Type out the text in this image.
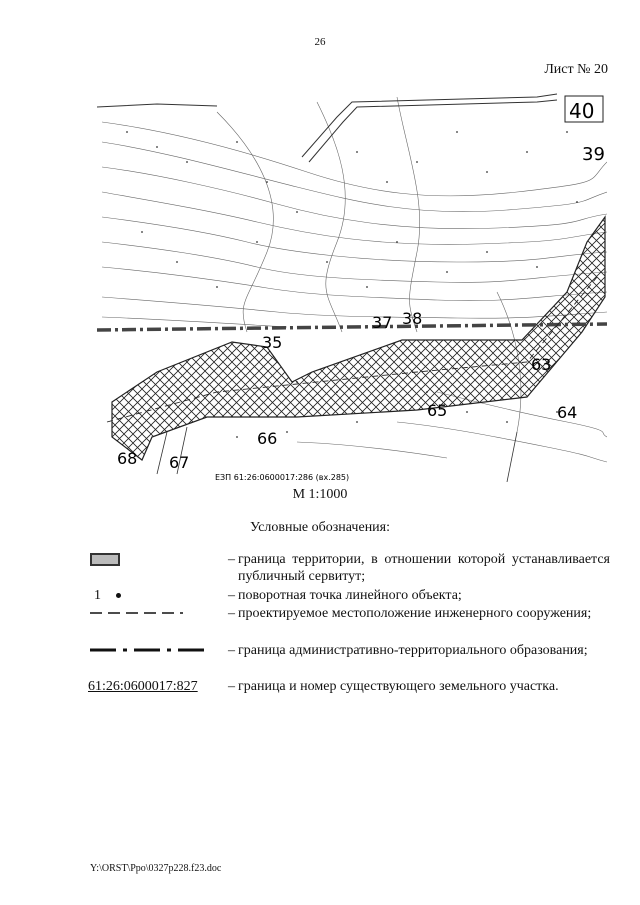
26
Лист № 20
40
39
38
37
35
63
64
65
66
67
68
ЕЗП 61:26:0600017:286 (вх.285)
М 1:1000
Условные обозначения:
– граница территории, в отношении которой устанавливается публичный сервитут;
1	– поворотная точка линейного объекта;
– проектируемое местоположение инженерного сооружения;
– граница административно-территориального образования;
61:26:0600017:827 – граница и номер существующего земельного участка.
Y:\ORST\Ppo\0327p228.f23.doc
